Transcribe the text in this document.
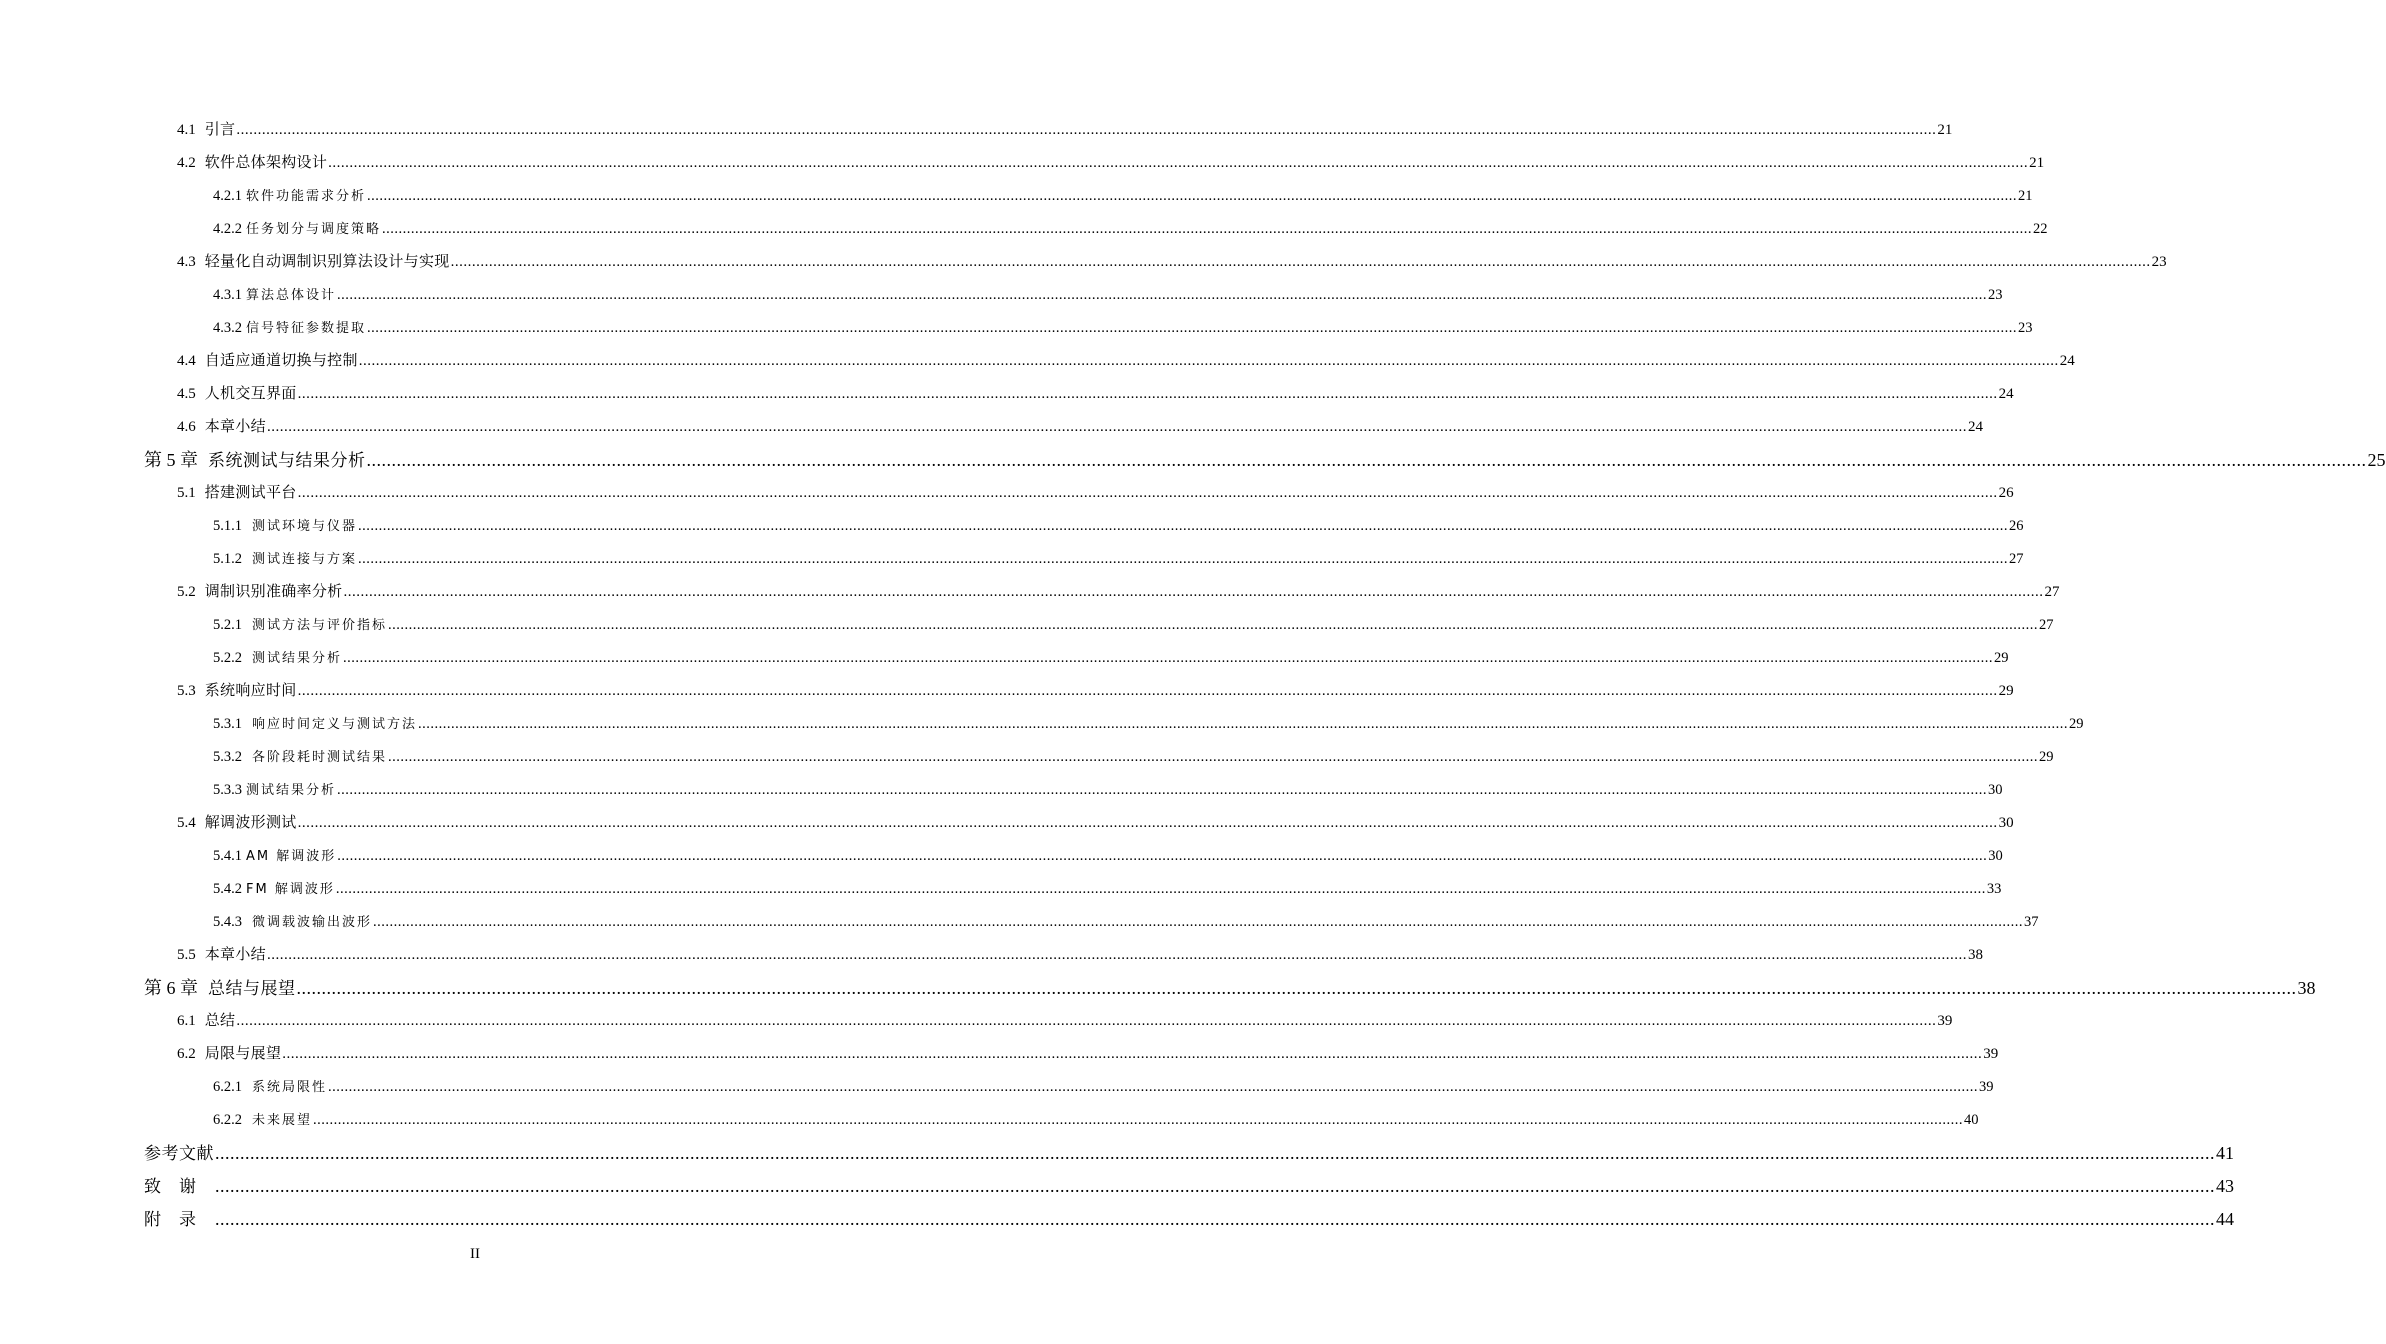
4.1 引言 ................................................................................................................................................................................................................................................................................................................................................................................................................ 21
4.2 软件总体架构设计 ................................................................................................................................................................................................................................................................................................................................................................................................................ 21
4.2.1 软件功能需求分析 ................................................................................................................................................................................................................................................................................................................................................................................................................ 21
4.2.2 任务划分与调度策略 ................................................................................................................................................................................................................................................................................................................................................................................................................ 22
4.3 轻量化自动调制识别算法设计与实现 ................................................................................................................................................................................................................................................................................................................................................................................................................ 23
4.3.1 算法总体设计 ................................................................................................................................................................................................................................................................................................................................................................................................................ 23
4.3.2 信号特征参数提取 ................................................................................................................................................................................................................................................................................................................................................................................................................ 23
4.4 自适应通道切换与控制 ................................................................................................................................................................................................................................................................................................................................................................................................................ 24
4.5 人机交互界面 ................................................................................................................................................................................................................................................................................................................................................................................................................ 24
4.6 本章小结 ................................................................................................................................................................................................................................................................................................................................................................................................................ 24
第 5 章 系统测试与结果分析 ................................................................................................................................................................................................................................................................................................................................................................................................................ 25
5.1 搭建测试平台 ................................................................................................................................................................................................................................................................................................................................................................................................................ 26
5.1.1 测试环境与仪器 ................................................................................................................................................................................................................................................................................................................................................................................................................ 26
5.1.2 测试连接与方案 ................................................................................................................................................................................................................................................................................................................................................................................................................ 27
5.2 调制识别准确率分析 ................................................................................................................................................................................................................................................................................................................................................................................................................ 27
5.2.1 测试方法与评价指标 ................................................................................................................................................................................................................................................................................................................................................................................................................ 27
5.2.2 测试结果分析 ................................................................................................................................................................................................................................................................................................................................................................................................................ 29
5.3 系统响应时间 ................................................................................................................................................................................................................................................................................................................................................................................................................ 29
5.3.1 响应时间定义与测试方法 ................................................................................................................................................................................................................................................................................................................................................................................................................ 29
5.3.2 各阶段耗时测试结果 ................................................................................................................................................................................................................................................................................................................................................................................................................ 29
5.3.3 测试结果分析 ................................................................................................................................................................................................................................................................................................................................................................................................................ 30
5.4 解调波形测试 ................................................................................................................................................................................................................................................................................................................................................................................................................ 30
5.4.1 AM 解调波形 ................................................................................................................................................................................................................................................................................................................................................................................................................ 30
5.4.2 FM 解调波形 ................................................................................................................................................................................................................................................................................................................................................................................................................ 33
5.4.3 微调载波输出波形 ................................................................................................................................................................................................................................................................................................................................................................................................................ 37
5.5 本章小结 ................................................................................................................................................................................................................................................................................................................................................................................................................ 38
第 6 章 总结与展望 ................................................................................................................................................................................................................................................................................................................................................................................................................ 38
6.1 总结 ................................................................................................................................................................................................................................................................................................................................................................................................................ 39
6.2 局限与展望 ................................................................................................................................................................................................................................................................................................................................................................................................................ 39
6.2.1 系统局限性 ................................................................................................................................................................................................................................................................................................................................................................................................................ 39
6.2.2 未来展望 ................................................................................................................................................................................................................................................................................................................................................................................................................ 40
参考文献 ................................................................................................................................................................................................................................................................................................................................................................................................................ 41
致谢 ................................................................................................................................................................................................................................................................................................................................................................................................................ 43
附录 ................................................................................................................................................................................................................................................................................................................................................................................................................ 44
II
